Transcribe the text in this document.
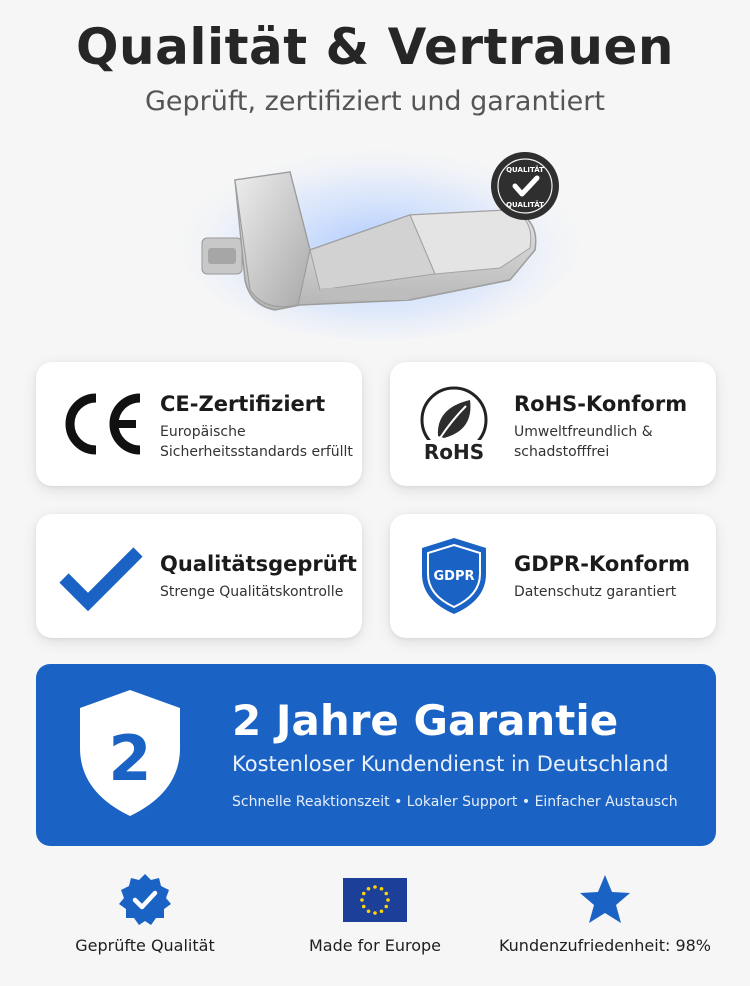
Qualität & Vertrauen
Geprüft, zertifiziert und garantiert
QUALITÄT
QUALITÄT
CE-Zertifiziert
Europäische
Sicherheitsstandards erfüllt	RoHS
RoHS-Konform
Umweltfreundlich &
schadstofffrei
Qualitätsgeprüft
Strenge Qualitätskontrolle
GDPR
GDPR-Konform
Datenschutz garantiert
2
2 Jahre Garantie
Kostenloser Kundendienst in Deutschland
Schnelle Reaktionszeit • Lokaler Support • Einfacher Austausch
Geprüfte Qualität	Made for Europe	Kundenzufriedenheit: 98%
